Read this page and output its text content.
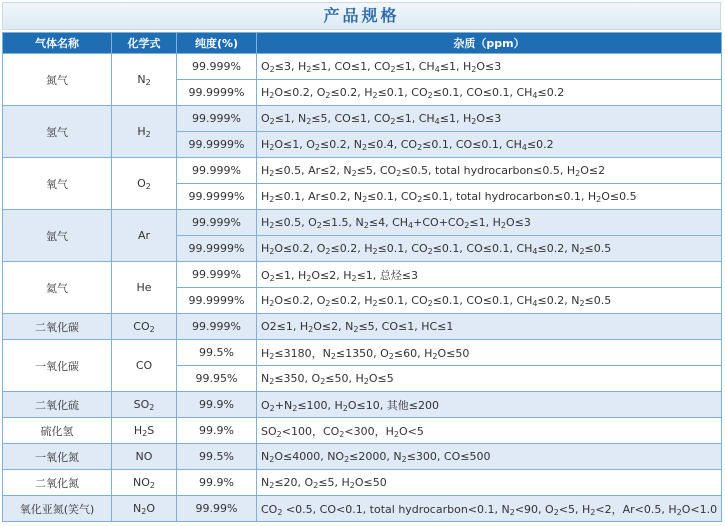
产品规格
气体名称	化学式	纯度(%)	杂质（ppm）
氮气	$N_2$	99.999%	$O_2\le 3$, $H_2\le 1$, CO≤1, $CO_2\le 1$, $CH_4\le 1$, $H_2O\le 3$
		99.9999%	$H_2O\le 0.2$, $O_2\le 0.2$, $H_2\le 0.1$, $CO_2\le 0.1$, CO≤0.1, $CH_4\le 0.2$
氢气	$H_2$	99.999%	$O_2\le 1$, $N_2\le 5$, CO≤1, $CO_2\le 1$, $CH_4\le 1$, $H_2O\le 3$
		99.9999%	$H_2O\le 1$, $O_2\le 0.2$, $N_2\le 0.4$, $CO_2\le 0.1$, CO≤0.1, $CH_4\le 0.2$
氧气	$O_2$	99.999%	$H_2\le 0.5$, Ar≤2, $N_2\le 5$, $CO_2\le 0.5$, total hydrocarbon≤0.5, $H_2O\le 2$
		99.9999%	$H_2\le 0.1$, Ar≤0.2, $N_2\le 0.1$, $CO_2\le 0.1$, total hydrocarbon≤0.1, $H_2O\le 0.5$
氩气	Ar	99.999%	$H_2\le 0.5$, $O_2\le 1.5$, $N_2\le 4$, $CH_4+CO+CO_2\le 1$, $H_2O\le 3$
		99.9999%	$H_2O\le 0.2$, $O_2\le 0.2$, $H_2\le 0.1$, $CO_2\le 0.1$, CO≤0.1, $CH_4\le 0.2$, $N_2\le 0.5$
氦气	He	99.999%	$O_2\le 1$, $H_2O\le 2$, $H_2\le 1$, 总烃≤3
		99.9999%	$H_2O\le 0.2$, $O_2\le 0.2$, $H_2\le 0.1$, $CO_2\le 0.1$, CO≤0.1, $CH_4\le 0.2$, $N_2\le 0.5$
二氧化碳	$CO_2$	99.999%	O2≤1, $H_2O\le 2$, $N_2\le 5$, CO≤1, HC≤1
一氧化碳	CO	99.5%	$H_2\le 3180$，$N_2\le 1350$, $O_2\le 60$, $H_2O\le 50$
		99.95%	$N_2\le 350$, $O_2\le 50$, $H_2O\le 5$
二氧化硫	$SO_2$	99.9%	$O_2+N_2\le 100$, $H_2O\le 10$, 其他≤200
硫化氢	$H_2S$	99.9%	$SO_2<100$，$CO_2<300$，$H_2O<5$
一氧化氮	NO	99.5%	$N_2O\le 4000$, $NO_2\le 2000$, $N_2\le 300$, CO≤500
二氧化氮	$NO_2$	99.9%	$N_2\le 20$, $O_2\le 5$, $H_2O\le 50$
氧化亚氮(笑气)	$N_2O$	99.99%	$CO_2 <0.5$, CO<0.1, total hydrocarbon<0.1, $N_2<90$, $O_2<5$, $H_2<2$，Ar<0.5, $H_2O<1.0$
